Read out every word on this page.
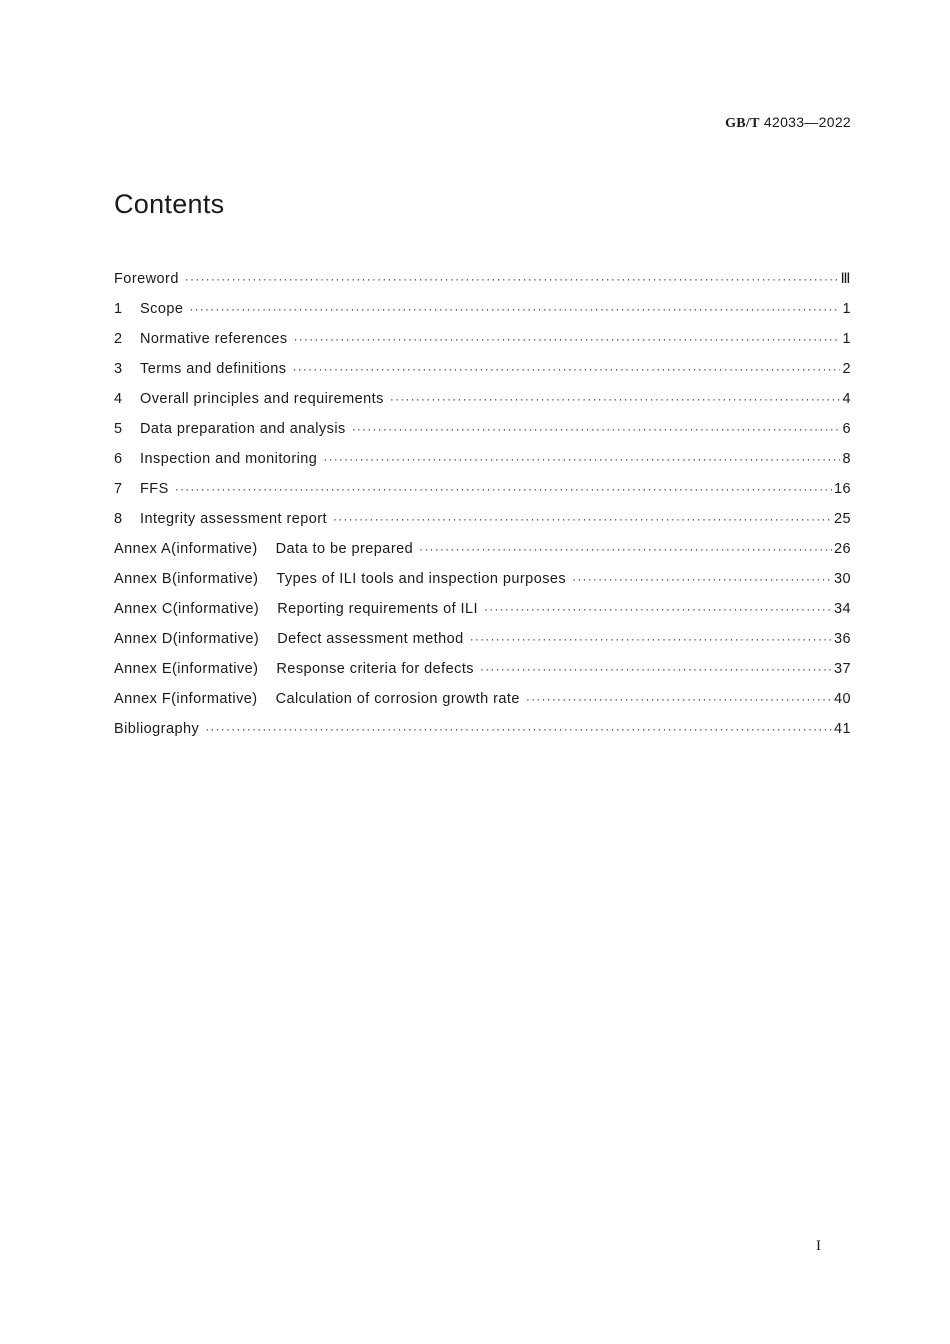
GB/T 42033—2022
Contents
Foreword ·····	Ⅲ
1	Scope ·····	1
2	Normative references ·····	1
3	Terms and definitions ·····	2
4	Overall principles and requirements ·····	4
5	Data preparation and analysis ·····	6
6	Inspection and monitoring ·····	8
7	FFS ·····	16
8	Integrity assessment report ·····	25
Annex A (informative) Data to be prepared ·····	26
Annex B (informative) Types of ILI tools and inspection purposes ·····	30
Annex C (informative) Reporting requirements of ILI ·····	34
Annex D (informative) Defect assessment method ·····	36
Annex E (informative) Response criteria for defects ·····	37
Annex F (informative) Calculation of corrosion growth rate ·····	40
Bibliography ·····	41
I
